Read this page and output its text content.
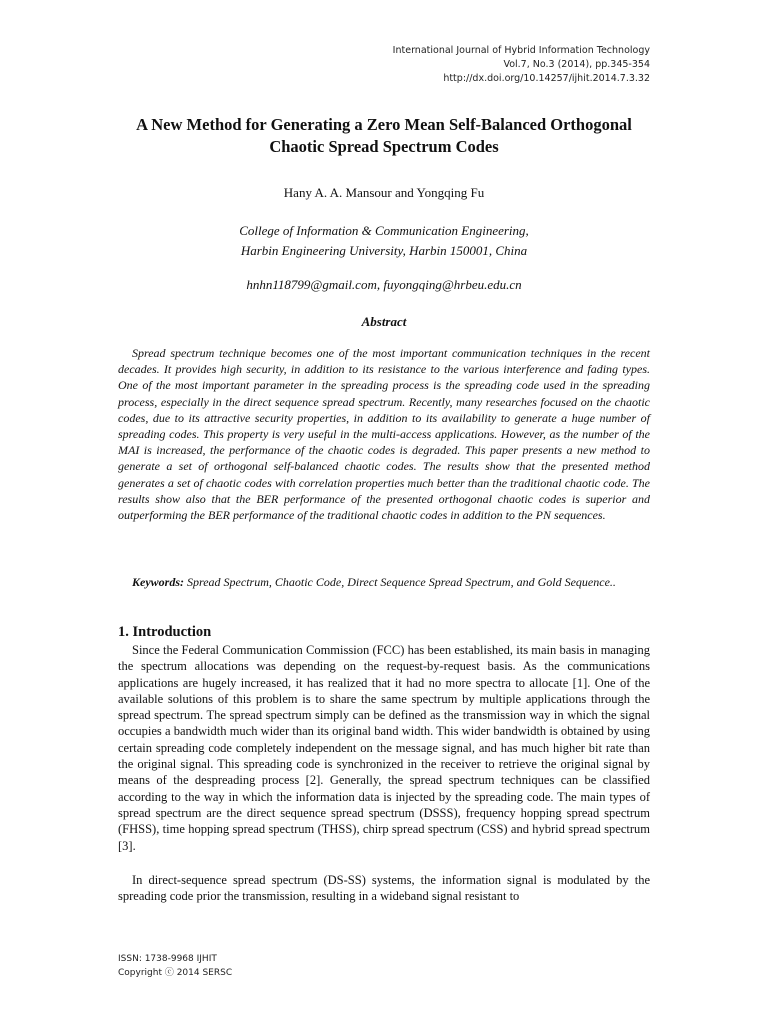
International Journal of Hybrid Information Technology
Vol.7, No.3 (2014), pp.345-354
http://dx.doi.org/10.14257/ijhit.2014.7.3.32
A New Method for Generating a Zero Mean Self-Balanced Orthogonal
Chaotic Spread Spectrum Codes
Hany A. A. Mansour and Yongqing Fu
College of Information & Communication Engineering,
Harbin Engineering University, Harbin 150001, China
hnhn118799@gmail.com, fuyongqing@hrbeu.edu.cn
Abstract

Spread spectrum technique becomes one of the most important communication techniques in the recent decades. It provides high security, in addition to its resistance to the various interference and fading types. One of the most important parameter in the spreading process is the spreading code used in the spreading process, especially in the direct sequence spread spectrum. Recently, many researches focused on the chaotic codes, due to its attractive security properties, in addition to its availability to generate a huge number of spreading codes. This property is very useful in the multi-access applications. However, as the number of the MAI is increased, the performance of the chaotic codes is degraded. This paper presents a new method to generate a set of orthogonal self-balanced chaotic codes. The results show that the presented method generates a set of chaotic codes with correlation properties much better than the traditional chaotic code. The results show also that the BER performance of the presented orthogonal chaotic codes is superior and outperforming the BER performance of the traditional chaotic codes in addition to the PN sequences.

Keywords: Spread Spectrum, Chaotic Code, Direct Sequence Spread Spectrum, and Gold Sequence..

1. Introduction

Since the Federal Communication Commission (FCC) has been established, its main basis in managing the spectrum allocations was depending on the request-by-request basis. As the communications applications are hugely increased, it has realized that it had no more spectra to allocate [1]. One of the available solutions of this problem is to share the same spectrum by multiple applications through the spread spectrum. The spread spectrum simply can be defined as the transmission way in which the signal occupies a bandwidth much wider than its original band width. This wider bandwidth is obtained by using certain spreading code completely independent on the message signal, and has much higher bit rate than the original signal. This spreading code is synchronized in the receiver to retrieve the original signal by means of the despreading process [2]. Generally, the spread spectrum techniques can be classified according to the way in which the information data is injected by the spreading code. The main types of spread spectrum are the direct sequence spread spectrum (DSSS), frequency hopping spread spectrum (FHSS), time hopping spread spectrum (THSS), chirp spread spectrum (CSS) and hybrid spread spectrum [3].

In direct-sequence spread spectrum (DS-SS) systems, the information signal is modulated by the spreading code prior the transmission, resulting in a wideband signal resistant to

ISSN: 1738-9968 IJHIT
Copyright ⓒ 2014 SERSC
